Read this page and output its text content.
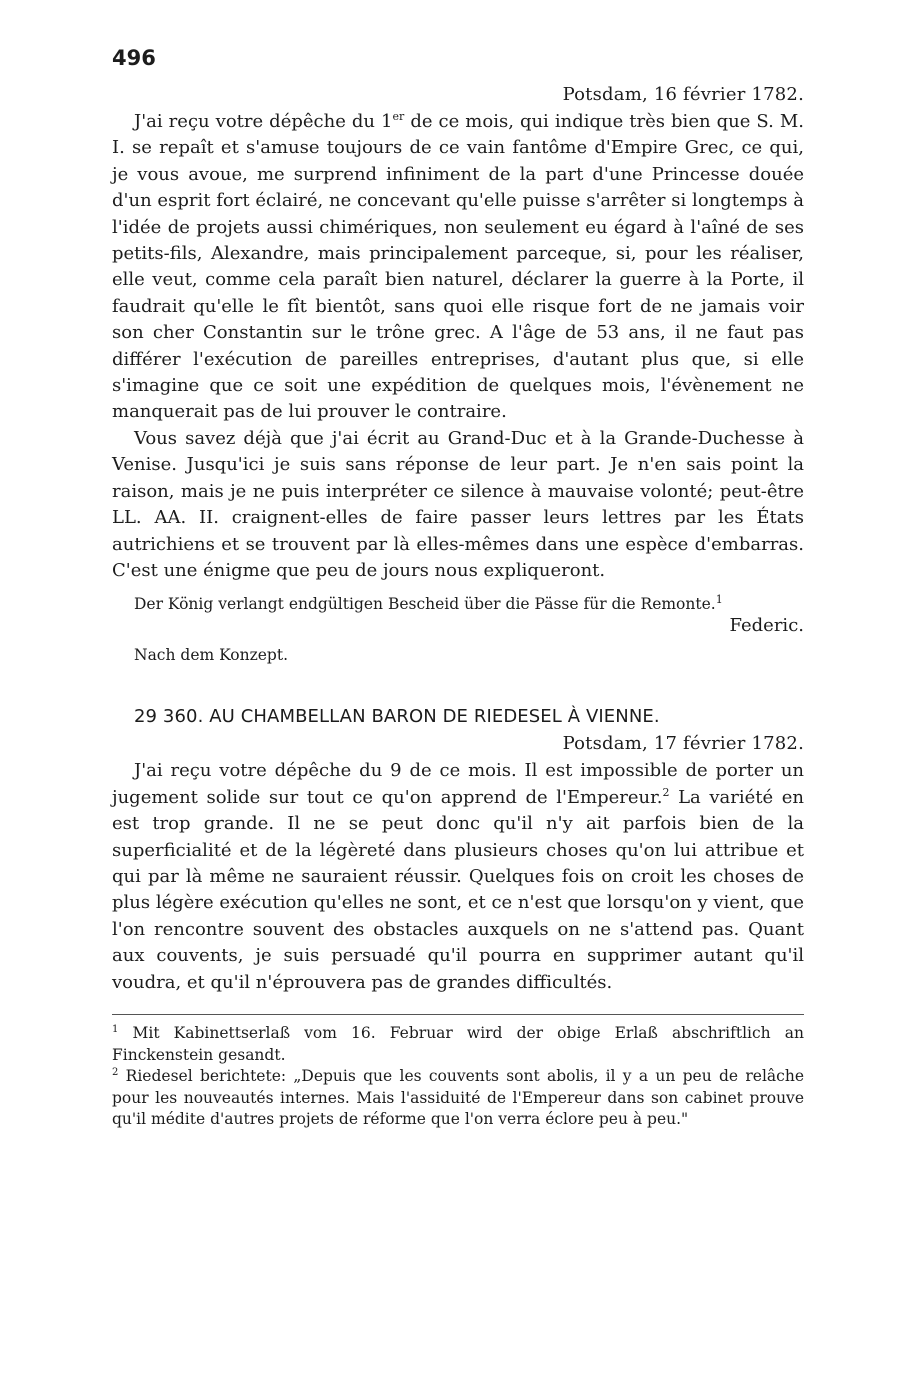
496
Potsdam, 16 février 1782.

J'ai reçu votre dépêche du 1er de ce mois, qui indique très bien que S. M. I. se repaît et s'amuse toujours de ce vain fantôme d'Empire Grec, ce qui, je vous avoue, me surprend infiniment de la part d'une Princesse douée d'un esprit fort éclairé, ne concevant qu'elle puisse s'arrêter si longtemps à l'idée de projets aussi chimériques, non seulement eu égard à l'aîné de ses petits-fils, Alexandre, mais principalement parceque, si, pour les réaliser, elle veut, comme cela paraît bien naturel, déclarer la guerre à la Porte, il faudrait qu'elle le fît bientôt, sans quoi elle risque fort de ne jamais voir son cher Constantin sur le trône grec. A l'âge de 53 ans, il ne faut pas différer l'exécution de pareilles entreprises, d'autant plus que, si elle s'imagine que ce soit une expédition de quelques mois, l'évènement ne manquerait pas de lui prouver le contraire.

Vous savez déjà que j'ai écrit au Grand-Duc et à la Grande-Duchesse à Venise. Jusqu'ici je suis sans réponse de leur part. Je n'en sais point la raison, mais je ne puis interpréter ce silence à mauvaise volonté; peut-être LL. AA. II. craignent-elles de faire passer leurs lettres par les États autrichiens et se trouvent par là elles-mêmes dans une espèce d'embarras. C'est une énigme que peu de jours nous expliqueront.

Der König verlangt endgültigen Bescheid über die Pässe für die Remonte.$^1$

Federic.
Nach dem Konzept.
29 360. AU CHAMBELLAN BARON DE RIEDESEL À VIENNE.
Potsdam, 17 février 1782.

J'ai reçu votre dépêche du 9 de ce mois. Il est impossible de porter un jugement solide sur tout ce qu'on apprend de l'Empereur.$^2$ La variété en est trop grande. Il ne se peut donc qu'il n'y ait parfois bien de la superficialité et de la légèreté dans plusieurs choses qu'on lui attribue et qui par là même ne sauraient réussir. Quelques fois on croit les choses de plus légère exécution qu'elles ne sont, et ce n'est que lorsqu'on y vient, que l'on rencontre souvent des obstacles auxquels on ne s'attend pas. Quant aux couvents, je suis persuadé qu'il pourra en supprimer autant qu'il voudra, et qu'il n'éprouvera pas de grandes difficultés.

$^1$ Mit Kabinettserlaß vom 16. Februar wird der obige Erlaß abschriftlich an Finckenstein gesandt.

$^2$ Riedesel berichtete: „Depuis que les couvents sont abolis, il y a un peu de relâche pour les nouveautés internes. Mais l'assiduité de l'Empereur dans son cabinet prouve qu'il médite d'autres projets de réforme que l'on verra éclore peu à peu."
